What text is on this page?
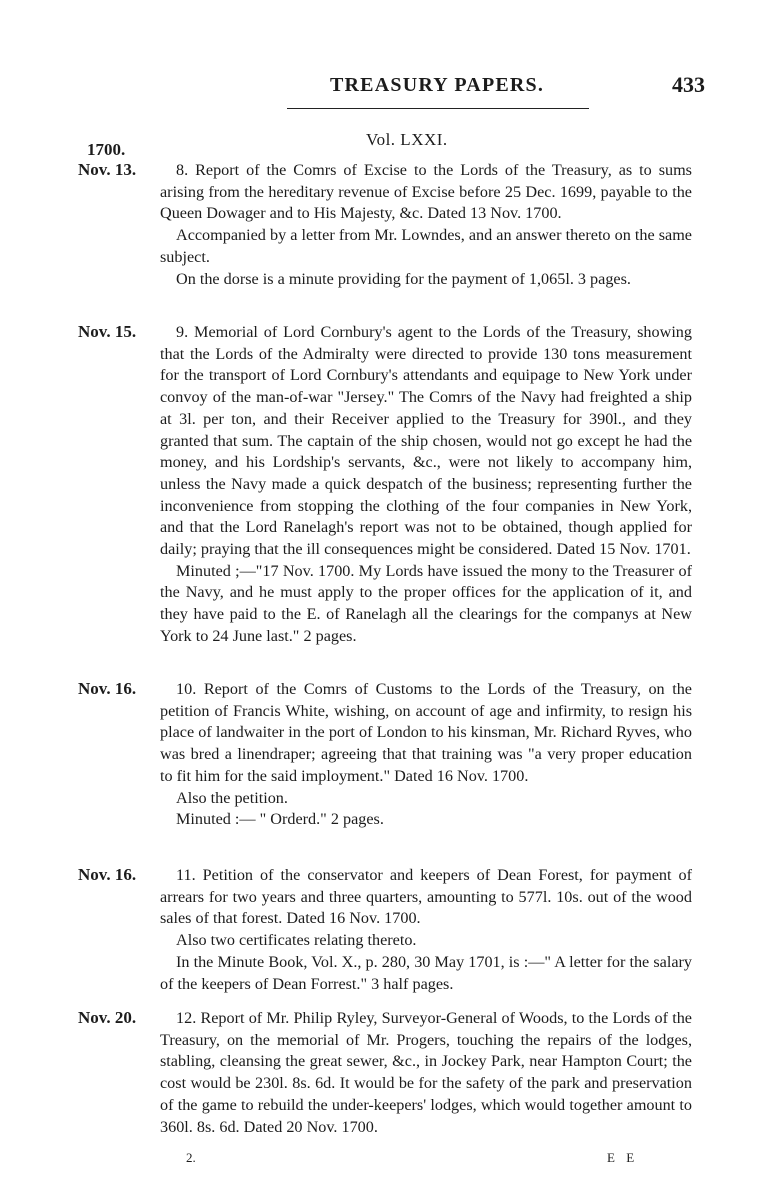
TREASURY PAPERS.	433
1700.
Vol. LXXI.
Nov. 13.	8. Report of the Comrs of Excise to the Lords of the Treasury, as to sums arising from the hereditary revenue of Excise before 25 Dec. 1699, payable to the Queen Dowager and to His Majesty, &c. Dated 13 Nov. 1700.

Accompanied by a letter from Mr. Lowndes, and an answer thereto on the same subject.

On the dorse is a minute providing for the payment of 1,065l. 3 pages.

Nov. 15.	9. Memorial of Lord Cornbury's agent to the Lords of the Treasury, showing that the Lords of the Admiralty were directed to provide 130 tons measurement for the transport of Lord Cornbury's attendants and equipage to New York under convoy of the man-of-war "Jersey." The Comrs of the Navy had freighted a ship at 3l. per ton, and their Receiver applied to the Treasury for 390l., and they granted that sum. The captain of the ship chosen, would not go except he had the money, and his Lordship's servants, &c., were not likely to accompany him, unless the Navy made a quick despatch of the business; representing further the inconvenience from stopping the clothing of the four companies in New York, and that the Lord Ranelagh's report was not to be obtained, though applied for daily; praying that the ill consequences might be considered. Dated 15 Nov. 1701.

Minuted ;—"17 Nov. 1700. My Lords have issued the mony to the Treasurer of the Navy, and he must apply to the proper offices for the application of it, and they have paid to the E. of Ranelagh all the clearings for the companys at New York to 24 June last." 2 pages.

Nov. 16.	10. Report of the Comrs of Customs to the Lords of the Treasury, on the petition of Francis White, wishing, on account of age and infirmity, to resign his place of landwaiter in the port of London to his kinsman, Mr. Richard Ryves, who was bred a linendraper; agreeing that that training was "a very proper education to fit him for the said imployment." Dated 16 Nov. 1700.

Also the petition.

Minuted :— " Orderd." 2 pages.

Nov. 16.	11. Petition of the conservator and keepers of Dean Forest, for payment of arrears for two years and three quarters, amounting to 577l. 10s. out of the wood sales of that forest. Dated 16 Nov. 1700.

Also two certificates relating thereto.

In the Minute Book, Vol. X., p. 280, 30 May 1701, is :—" A letter for the salary of the keepers of Dean Forrest." 3 half pages.

Nov. 20.	12. Report of Mr. Philip Ryley, Surveyor-General of Woods, to the Lords of the Treasury, on the memorial of Mr. Progers, touching the repairs of the lodges, stabling, cleansing the great sewer, &c., in Jockey Park, near Hampton Court; the cost would be 230l. 8s. 6d. It would be for the safety of the park and preservation of the game to rebuild the under-keepers' lodges, which would together amount to 360l. 8s. 6d. Dated 20 Nov. 1700.

2.	E E
